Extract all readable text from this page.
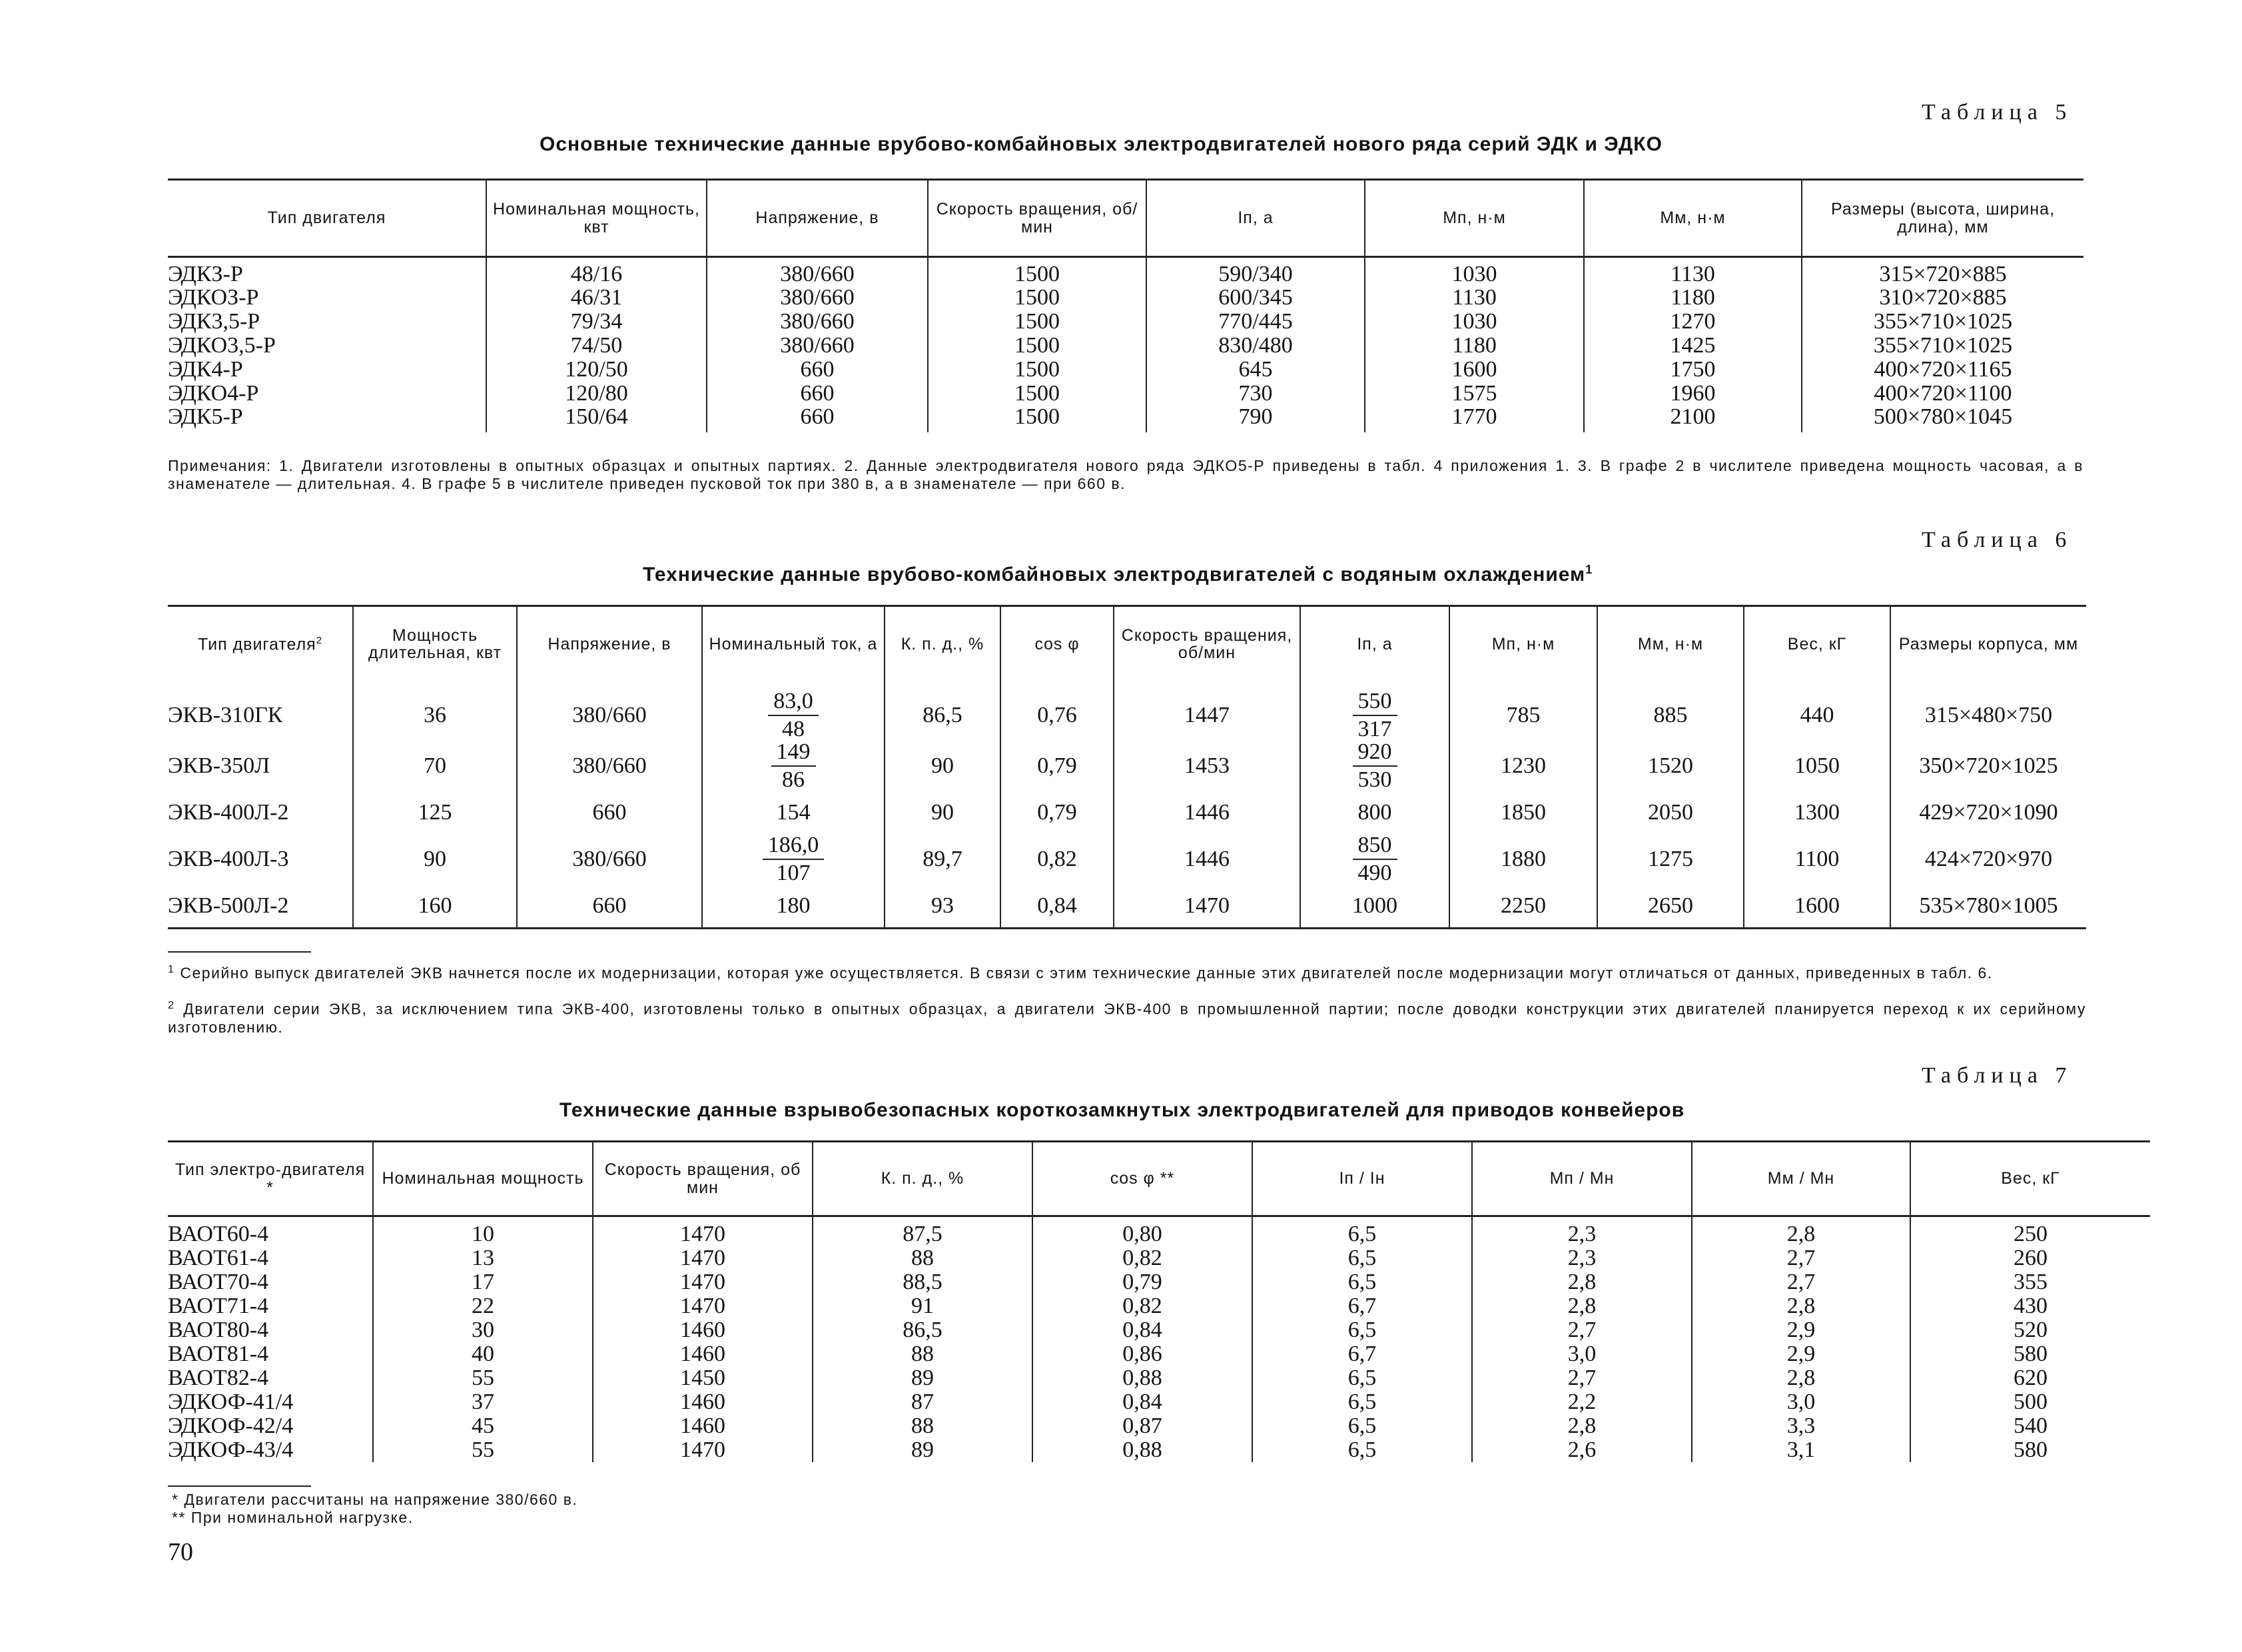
Таблица 5
Основные технические данные врубово-комбайновых электродвигателей нового ряда серий ЭДК и ЭДКО
Тип двигателя	Номинальная мощность, квт	Напряжение, в	Скорость вращения, об/мин	Iп, а	Mп, н·м	Mм, н·м	Размеры (высота, ширина, длина), мм
ЭДКЗ-Р	48/16	380/660	1500	590/340	1030	1130	315×720×885
ЭДКОЗ-Р	46/31	380/660	1500	600/345	1130	1180	310×720×885
ЭДК3,5-Р	79/34	380/660	1500	770/445	1030	1270	355×710×1025
ЭДКО3,5-Р	74/50	380/660	1500	830/480	1180	1425	355×710×1025
ЭДК4-Р	120/50	660	1500	645	1600	1750	400×720×1165
ЭДКО4-Р	120/80	660	1500	730	1575	1960	400×720×1100
ЭДК5-Р	150/64	660	1500	790	1770	2100	500×780×1045
Примечания: 1. Двигатели изготовлены в опытных образцах и опытных партиях. 2. Данные электродвигателя нового ряда ЭДКО5-Р приведены в табл. 4 приложения 1. 3. В графе 2 в числителе приведена мощность часовая, а в знаменателе — длительная. 4. В графе 5 в числителе приведен пусковой ток при 380 в, а в знаменателе — при 660 в.
Таблица 6
Технические данные врубово-комбайновых электродвигателей с водяным охлаждением$^1$
Тип двигателя$^2$	Мощность длительная, квт	Напряжение, в	Номинальный ток, а	К. п. д., %	cos φ	Скорость вращения, об/мин	Iп, а	Mп, н·м	Mм, н·м	Вес, кГ	Размеры корпуса, мм
ЭКВ-310ГК	36	380/660	$\frac{83,0}{48}$	86,5	0,76	1447	$\frac{550}{317}$	785	885	440	315×480×750
ЭКВ-350Л	70	380/660	$\frac{149}{86}$	90	0,79	1453	$\frac{920}{530}$	1230	1520	1050	350×720×1025
ЭКВ-400Л-2	125	660	154	90	0,79	1446	800	1850	2050	1300	429×720×1090
ЭКВ-400Л-3	90	380/660	$\frac{186,0}{107}$	89,7	0,82	1446	$\frac{850}{490}$	1880	1275	1100	424×720×970
ЭКВ-500Л-2	160	660	180	93	0,84	1470	1000	2250	2650	1600	535×780×1005
$^1$ Серийно выпуск двигателей ЭКВ начнется после их модернизации, которая уже осуществляется. В связи с этим технические данные этих двигателей после модернизации могут отличаться от данных, приведенных в табл. 6.
$^2$ Двигатели серии ЭКВ, за исключением типа ЭКВ-400, изготовлены только в опытных образцах, а двигатели ЭКВ-400 в промышленной партии; после доводки конструкции этих двигателей планируется переход к их серийному изготовлению.
Таблица 7
Технические данные взрывобезопасных короткозамкнутых электродвигателей для приводов конвейеров
Тип электро-двигателя *	Номинальная мощность	Скорость вращения, об мин	К. п. д., %	cos φ **	Iп / Iн	Mп / Mн	Mм / Mн	Вес, кГ
ВАОТ60-4	10	1470	87,5	0,80	6,5	2,3	2,8	250
ВАОТ61-4	13	1470	88	0,82	6,5	2,3	2,7	260
ВАОТ70-4	17	1470	88,5	0,79	6,5	2,8	2,7	355
ВАОТ71-4	22	1470	91	0,82	6,7	2,8	2,8	430
ВАОТ80-4	30	1460	86,5	0,84	6,5	2,7	2,9	520
ВАОТ81-4	40	1460	88	0,86	6,7	3,0	2,9	580
ВАОТ82-4	55	1450	89	0,88	6,5	2,7	2,8	620
ЭДКОФ-41/4	37	1460	87	0,84	6,5	2,2	3,0	500
ЭДКОФ-42/4	45	1460	88	0,87	6,5	2,8	3,3	540
ЭДКОФ-43/4	55	1470	89	0,88	6,5	2,6	3,1	580
* Двигатели рассчитаны на напряжение 380/660 в.
** При номинальной нагрузке.
70
